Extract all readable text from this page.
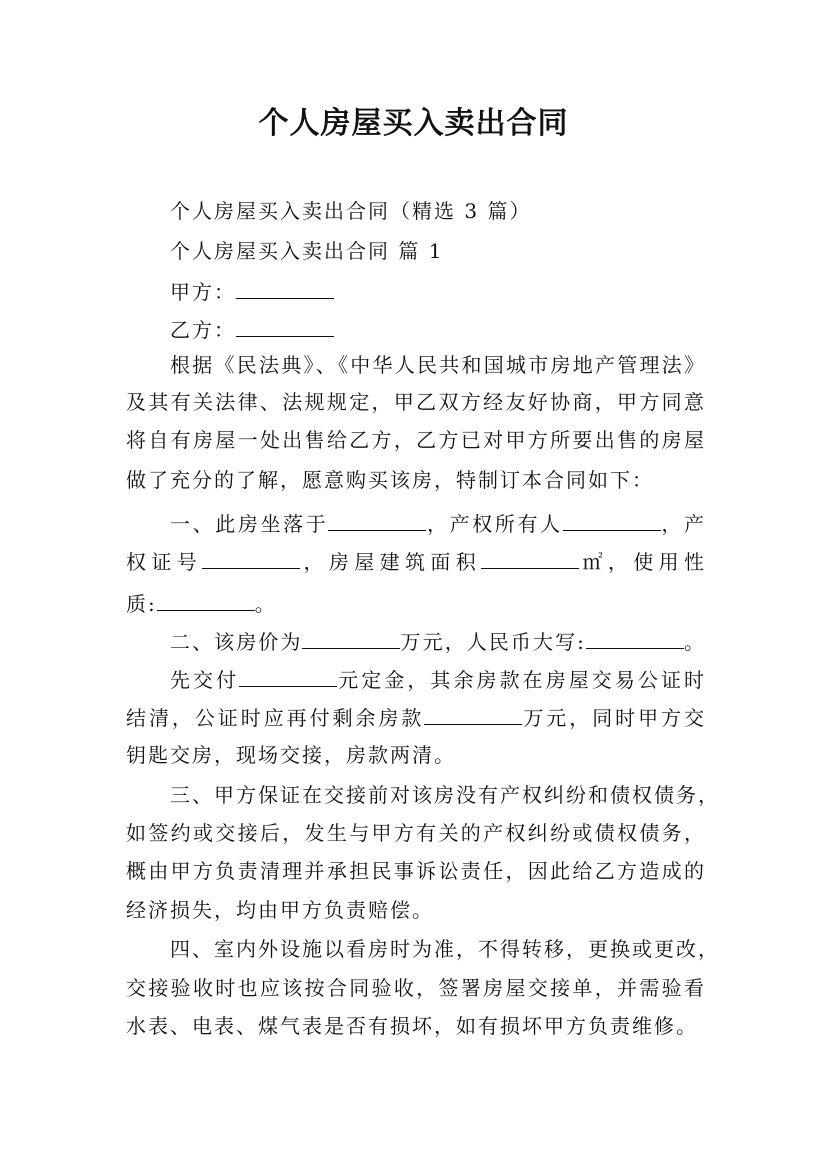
个人房屋买入卖出合同
个人房屋买入卖出合同（精选 3 篇）
个人房屋买入卖出合同 篇 1
甲方：
乙方：
根据《民法典》、《中华人民共和国城市房地产管理法》
及其有关法律、法规规定，甲乙双方经友好协商，甲方同意
将自有房屋一处出售给乙方，乙方已对甲方所要出售的房屋
做了充分的了解，愿意购买该房，特制订本合同如下：
一、此房坐落于	，产权所有人	，产
权证号	，房屋建筑面积	㎡，使用性
质:	。
二、该房价为	万元，人民币大写:	。
先交付	元定金，其余房款在房屋交易公证时
结清，公证时应再付剩余房款	万元，同时甲方交
钥匙交房，现场交接，房款两清。
三、甲方保证在交接前对该房没有产权纠纷和债权债务，
如签约或交接后，发生与甲方有关的产权纠纷或债权债务，
概由甲方负责清理并承担民事诉讼责任，因此给乙方造成的
经济损失，均由甲方负责赔偿。
四、室内外设施以看房时为准，不得转移，更换或更改，
交接验收时也应该按合同验收，签署房屋交接单，并需验看
水表、电表、煤气表是否有损坏，如有损坏甲方负责维修。
